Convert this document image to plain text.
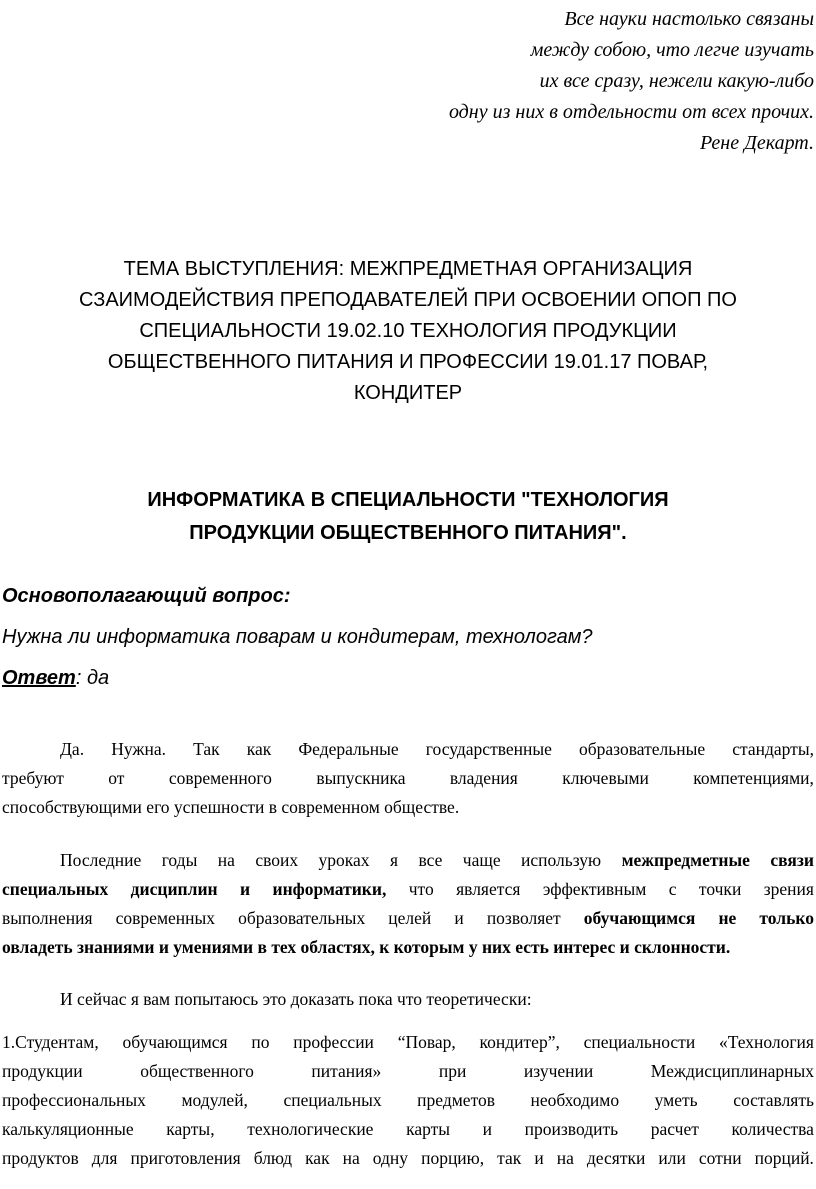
Все науки настолько связаны
между собою, что легче изучать
их все сразу, нежели какую-либо
одну из них в отдельности от всех прочих.
Рене Декарт.
ТЕМА ВЫСТУПЛЕНИЯ: МЕЖПРЕДМЕТНАЯ ОРГАНИЗАЦИЯ
СЗАИМОДЕЙСТВИЯ ПРЕПОДАВАТЕЛЕЙ ПРИ ОСВОЕНИИ ОПОП ПО
СПЕЦИАЛЬНОСТИ 19.02.10 ТЕХНОЛОГИЯ ПРОДУКЦИИ
ОБЩЕСТВЕННОГО ПИТАНИЯ И ПРОФЕССИИ 19.01.17 ПОВАР,
КОНДИТЕР
ИНФОРМАТИКА В СПЕЦИАЛЬНОСТИ "ТЕХНОЛОГИЯ
ПРОДУКЦИИ ОБЩЕСТВЕННОГО ПИТАНИЯ".
Основополагающий вопрос:
Нужна ли информатика поварам и кондитерам, технологам?
Ответ: да
Да. Нужна. Так как Федеральные государственные образовательные стандарты,
требуют	от	современного	выпускника	владения	ключевыми	компетенциями,
способствующими его успешности в современном обществе.
Последние годы на своих уроках я все чаще использую межпредметные связи
специальных дисциплин и информатики, что является эффективным с точки зрения
выполнения современных образовательных целей и позволяет обучающимся не только
овладеть знаниями и умениями в тех областях, к которым у них есть интерес и склонности.
И сейчас я вам попытаюсь это доказать пока что теоретически:
1.Студентам, обучающимся по профессии “Повар, кондитер”, специальности «Технология
продукции	общественного	питания»	при	изучении	Междисциплинарных
профессиональных модулей, специальных предметов необходимо уметь составлять
калькуляционные карты, технологические карты и производить расчет количества
продуктов для приготовления блюд как на одну порцию, так и на десятки или сотни порций.
